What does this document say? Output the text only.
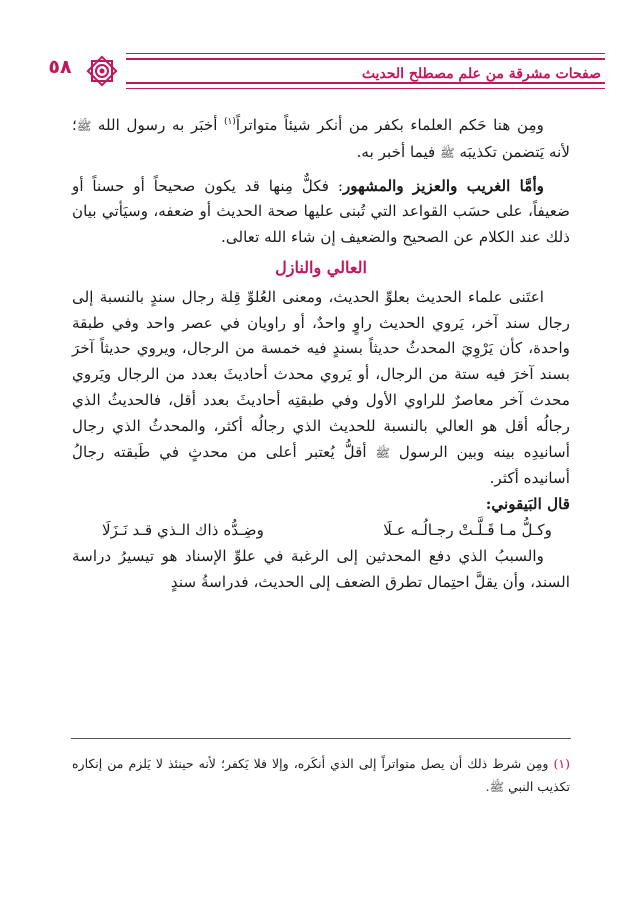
٥٨	صفحات مشرقة من علم مصطلح الحديث

ومِن هنا حَكم العلماء بكفر من أنكر شيئاً متواتراً$^{(١)}$ أخبَر به رسول الله ﷺ؛ لأنه يَتضمن تكذيبَه ﷺ فيما أخبر به.

وأمَّا الغريب والعزيز والمشهور: فكلٌّ مِنها قد يكون صحيحاً أو حسناً أو ضعيفاً، على حسَب القواعد التي تُبنى عليها صحة الحديث أو ضعفه، وسيَأتي بيان ذلك عند الكلام عن الصحيح والضعيف إن شاء الله تعالى.

العالي والنازل

اعتَنى علماء الحديث بعلوِّ الحديث، ومعنى العُلوِّ قِلة رجال سندٍ بالنسبة إلى رجال سند آخر، يَروي الحديث راوٍ واحدٌ، أو راويان في عصر واحد وفي طبقة واحدة، كأن يَرْوِيَ المحدثُ حديثاً بسندٍ فيه خمسة من الرجال، ويروي حديثاً آخرَ بسند آخرَ فيه ستة من الرجال، أو يَروي محدث أحاديثَ بعدد من الرجال ويَروي محدث آخر معاصرٌ للراوي الأول وفي طبقتِه أحاديثَ بعدد أقل، فالحديثُ الذي رجالُه أقل هو العالي بالنسبة للحديث الذي رجالُه أكثر، والمحدثُ الذي رجال أسانيدِه بينه وبين الرسول ﷺ أقلُّ يُعتبر أعلى من محدثٍ في طَبقته رجالُ أسانيده أكثر.

قال البَيقوني:

وكـلُّ مـا قَـلَّـتْ رجـالُـه عـلَا
وضِـدُّه ذاك الـذي قـد نَـزَلَا

والسببُ الذي دفع المحدثين إلى الرغبة في علوِّ الإسناد هو تيسيرُ دراسة السند، وأن يقلَّ احتِمال تطرق الضعف إلى الحديث، فدراسةُ سندٍ

(١) ومِن شرط ذلك أن يصل متواتراً إلى الذي أنكَره، وإلا فلا يَكفر؛ لأنه حينئذ لا يَلزم من إنكاره تكذيب النبي ﷺ.
